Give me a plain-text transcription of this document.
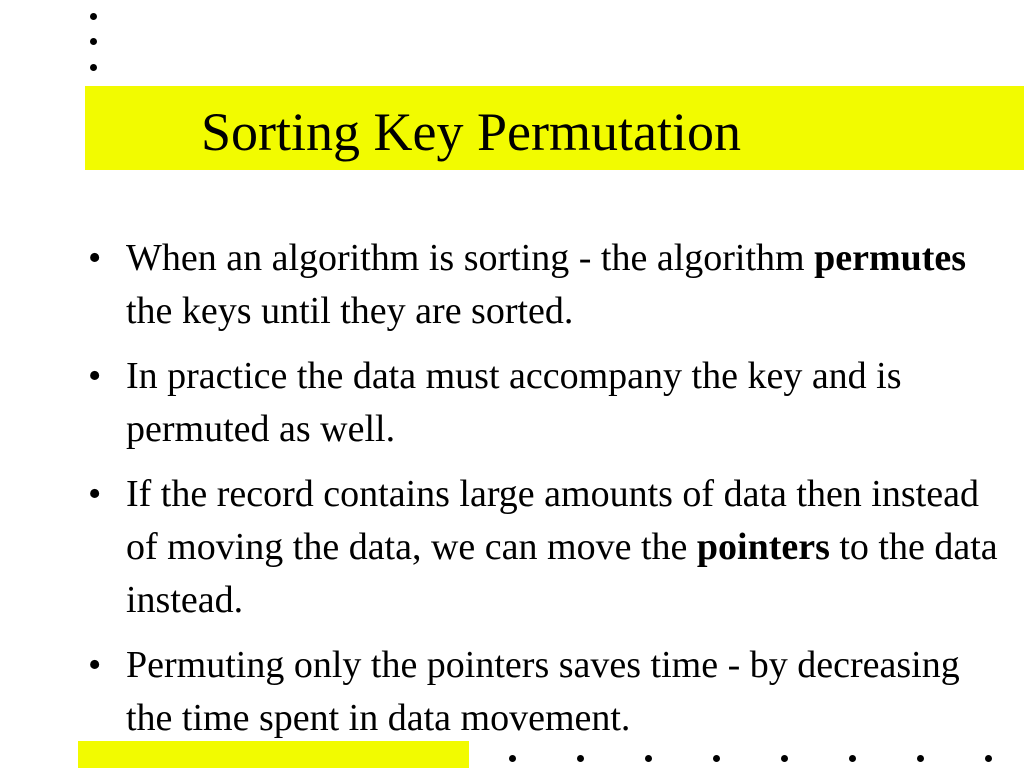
Sorting Key Permutation
• When an algorithm is sorting - the algorithm permutes the keys until they are sorted.
• In practice the data must accompany the key and is permuted as well.
• If the record contains large amounts of data then instead of moving the data, we can move the pointers to the data instead.
• Permuting only the pointers saves time - by decreasing the time spent in data movement.
